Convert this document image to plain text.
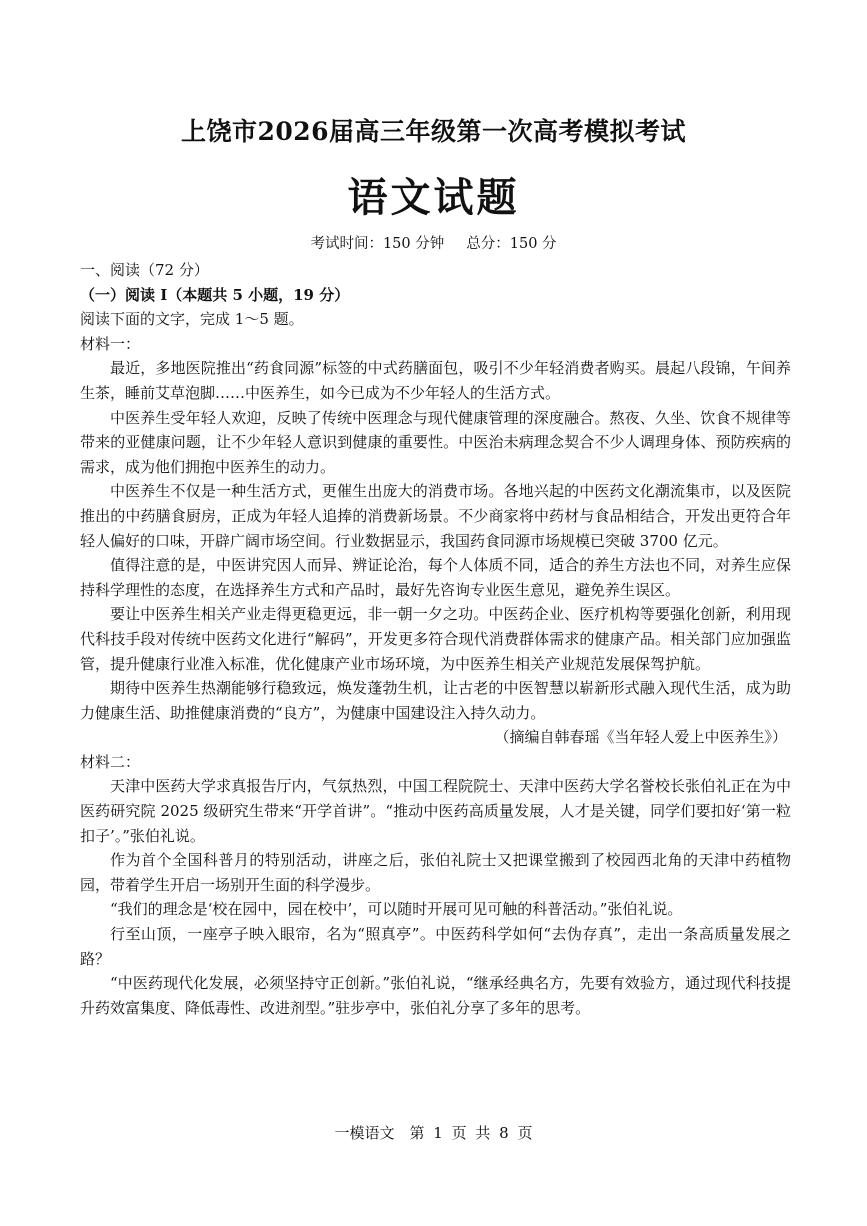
上饶市2026届高三年级第一次高考模拟考试
语文试题
考试时间：150 分钟 总分：150 分

一、阅读（72 分）

（一）阅读 I（本题共 5 小题，19 分）

阅读下面的文字，完成 1～5 题。

材料一：

最近，多地医院推出“药食同源”标签的中式药膳面包，吸引不少年轻消费者购买。晨起八段锦，午间养生茶，睡前艾草泡脚……中医养生，如今已成为不少年轻人的生活方式。

中医养生受年轻人欢迎，反映了传统中医理念与现代健康管理的深度融合。熬夜、久坐、饮食不规律等带来的亚健康问题，让不少年轻人意识到健康的重要性。中医治未病理念契合不少人调理身体、预防疾病的需求，成为他们拥抱中医养生的动力。

中医养生不仅是一种生活方式，更催生出庞大的消费市场。各地兴起的中医药文化潮流集市，以及医院推出的中药膳食厨房，正成为年轻人追捧的消费新场景。不少商家将中药材与食品相结合，开发出更符合年轻人偏好的口味，开辟广阔市场空间。行业数据显示，我国药食同源市场规模已突破 3700 亿元。

值得注意的是，中医讲究因人而异、辨证论治，每个人体质不同，适合的养生方法也不同，对养生应保持科学理性的态度，在选择养生方式和产品时，最好先咨询专业医生意见，避免养生误区。

要让中医养生相关产业走得更稳更远，非一朝一夕之功。中医药企业、医疗机构等要强化创新，利用现代科技手段对传统中医药文化进行“解码”，开发更多符合现代消费群体需求的健康产品。相关部门应加强监管，提升健康行业准入标准，优化健康产业市场环境，为中医养生相关产业规范发展保驾护航。

期待中医养生热潮能够行稳致远，焕发蓬勃生机，让古老的中医智慧以崭新形式融入现代生活，成为助力健康生活、助推健康消费的“良方”，为健康中国建设注入持久动力。

（摘编自韩春瑶《当年轻人爱上中医养生》）

材料二：

天津中医药大学求真报告厅内，气氛热烈，中国工程院院士、天津中医药大学名誉校长张伯礼正在为中医药研究院 2025 级研究生带来“开学首讲”。“推动中医药高质量发展，人才是关键，同学们要扣好‘第一粒扣子’。”张伯礼说。

作为首个全国科普月的特别活动，讲座之后，张伯礼院士又把课堂搬到了校园西北角的天津中药植物园，带着学生开启一场别开生面的科学漫步。

“我们的理念是‘校在园中，园在校中’，可以随时开展可见可触的科普活动。”张伯礼说。

行至山顶，一座亭子映入眼帘，名为“照真亭”。中医药科学如何“去伪存真”，走出一条高质量发展之路？

“中医药现代化发展，必须坚持守正创新。”张伯礼说，“继承经典名方，先要有效验方，通过现代科技提升药效富集度、降低毒性、改进剂型。”驻步亭中，张伯礼分享了多年的思考。

一模语文　第 1 页 共 8 页
